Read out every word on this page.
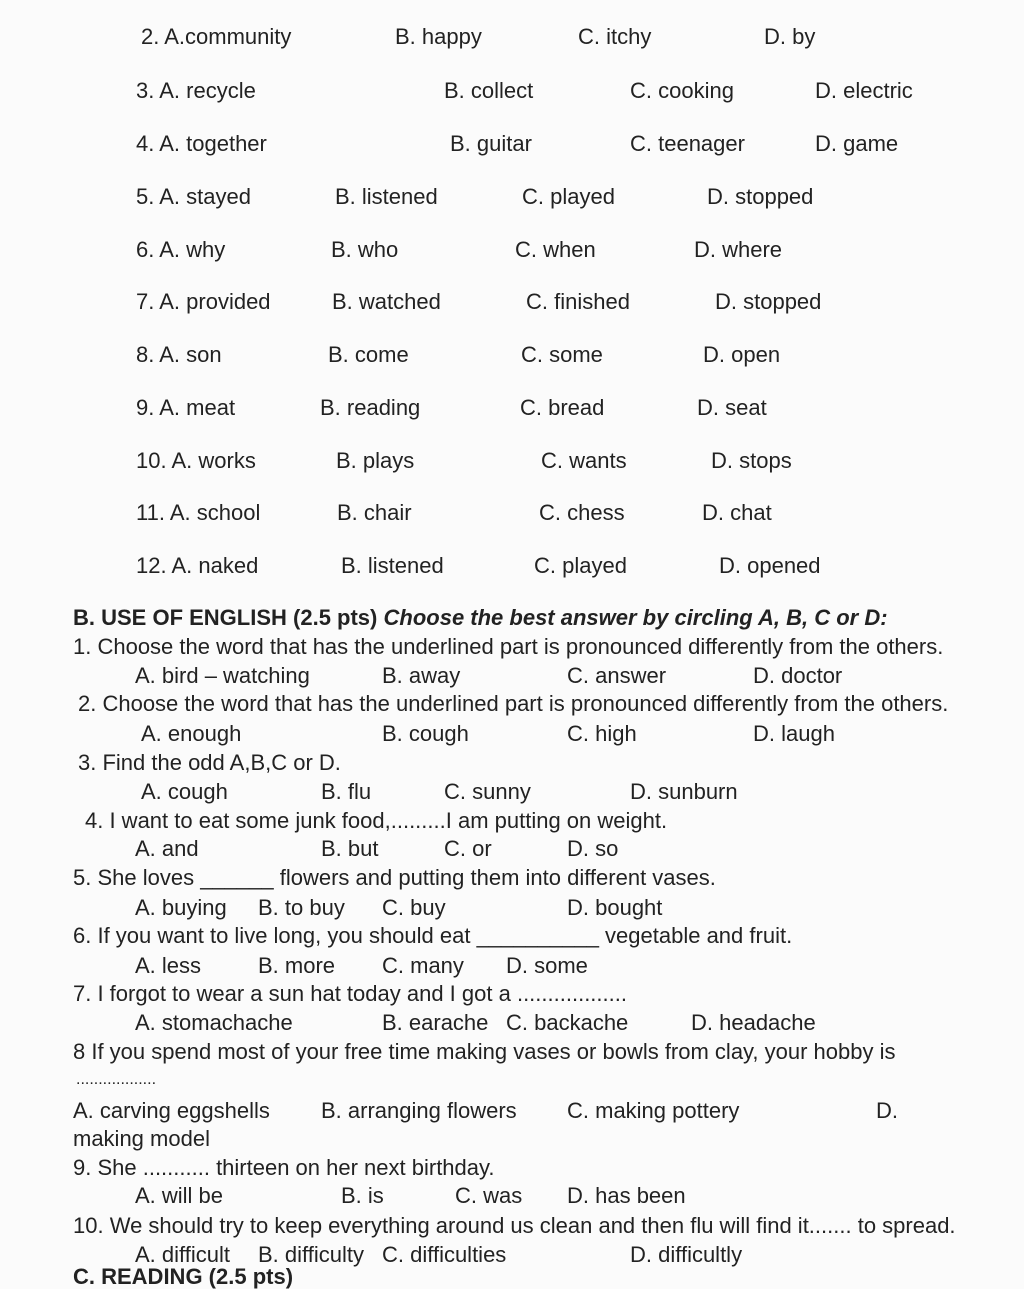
2. A.community	B. happy	C. itchy	D. by
3. A. recycle	B. collect	C. cooking	D. electric
4. A. together	B. guitar	C. teenager	D. game
5. A. stayed	B. listened	C. played	D. stopped
6. A. why	B. who	C. when	D. where
7. A. provided	B. watched	C. finished	D. stopped
8. A. son	B. come	C. some	D. open
9. A. meat	B. reading	C. bread	D. seat
10. A. works	B. plays	C. wants	D. stops
11. A. school	B. chair	C. chess	D. chat
12. A. naked	B. listened	C. played	D. opened
B. USE OF ENGLISH (2.5 pts) Choose the best answer by circling A, B, C or D:
1. Choose the word that has the underlined part is pronounced differently from the others.
A. bird – watching	B. away	C. answer	D. doctor
2. Choose the word that has the underlined part is pronounced differently from the others.
A. enough	B. cough	C. high	D. laugh
3. Find the odd A,B,C or D.
A. cough	B. flu	C. sunny	D. sunburn
4. I want to eat some junk food,.........I am putting on weight.
A. and	B. but	C. or	D. so
5. She loves ______ flowers and putting them into different vases.
A. buying B. to buy C. buy	D. bought
6. If you want to live long, you should eat __________ vegetable and fruit.
A. less	B. more C. many D. some
7. I forgot to wear a sun hat today and I got a ..................
A. stomachache	B. earache C. backache	D. headache
8 If you spend most of your free time making vases or bowls from clay, your hobby is
..................
A. carving eggshells B. arranging flowers C. making pottery	D.
making model
9. She ........... thirteen on her next birthday.
A. will be	B. is	C. was D. has been
10. We should try to keep everything around us clean and then flu will find it....... to spread.
A. difficult B. difficulty C. difficulties	D. difficultly
C. READING (2.5 pts)
